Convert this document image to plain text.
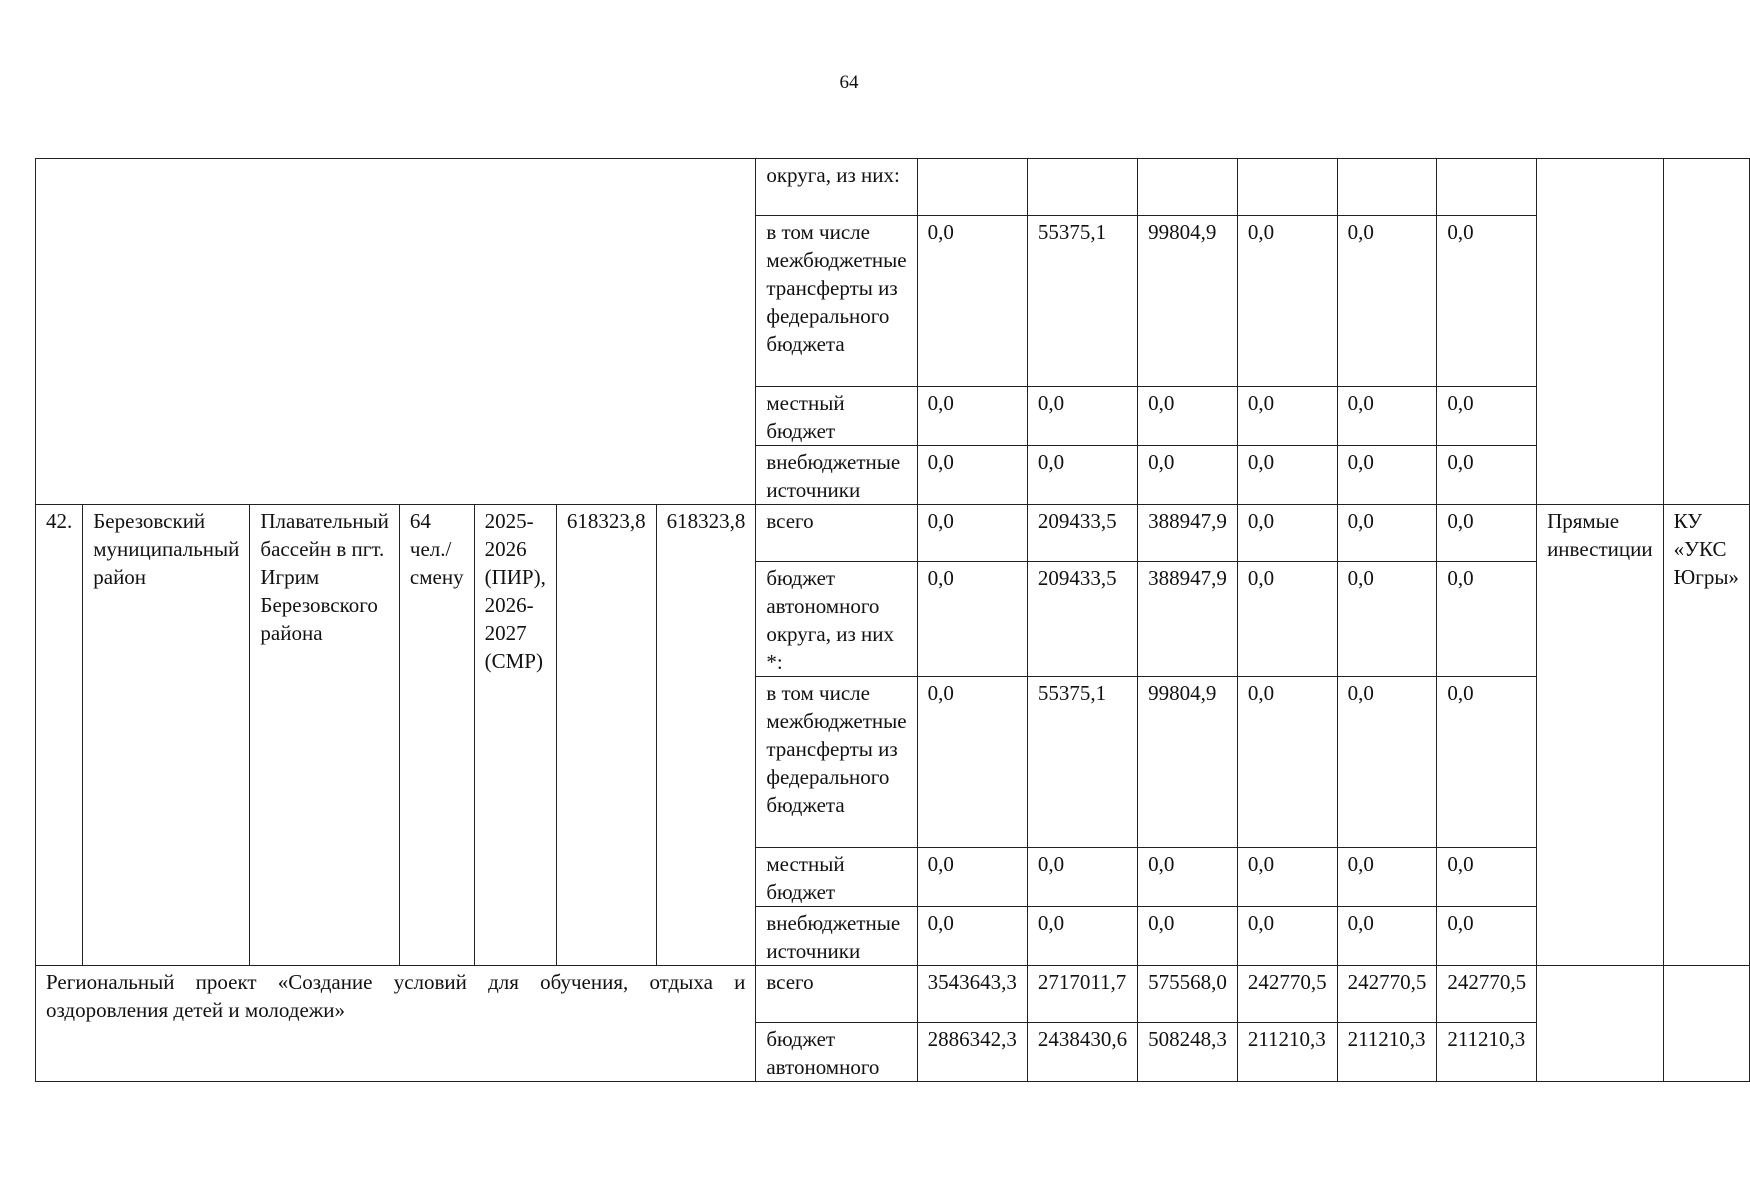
64
							округа, из них:								
							в том числе межбюджетные трансферты из федерального бюджета	0,0	55375,1	99804,9	0,0	0,0	0,0		
							местный бюджет	0,0	0,0	0,0	0,0	0,0	0,0		
							внебюджетные источники	0,0	0,0	0,0	0,0	0,0	0,0		
42.	Березовский муниципальный район	Плавательный бассейн в пгт. Игрим Березовского района	64 чел./смену	2025-2026 (ПИР), 2026-2027 (СМР)	618323,8	618323,8	всего	0,0	209433,5	388947,9	0,0	0,0	0,0	Прямые инвестиции	КУ «УКС Югры»
							бюджет автономного округа, из них *:	0,0	209433,5	388947,9	0,0	0,0	0,0		
							в том числе межбюджетные трансферты из федерального бюджета	0,0	55375,1	99804,9	0,0	0,0	0,0		
							местный бюджет	0,0	0,0	0,0	0,0	0,0	0,0		
							внебюджетные источники	0,0	0,0	0,0	0,0	0,0	0,0		
Региональный проект «Создание условий для обучения, отдыха и оздоровления детей и молодежи»							всего	3543643,3	2717011,7	575568,0	242770,5	242770,5	242770,5		
							бюджет автономного	2886342,3	2438430,6	508248,3	211210,3	211210,3	211210,3		
